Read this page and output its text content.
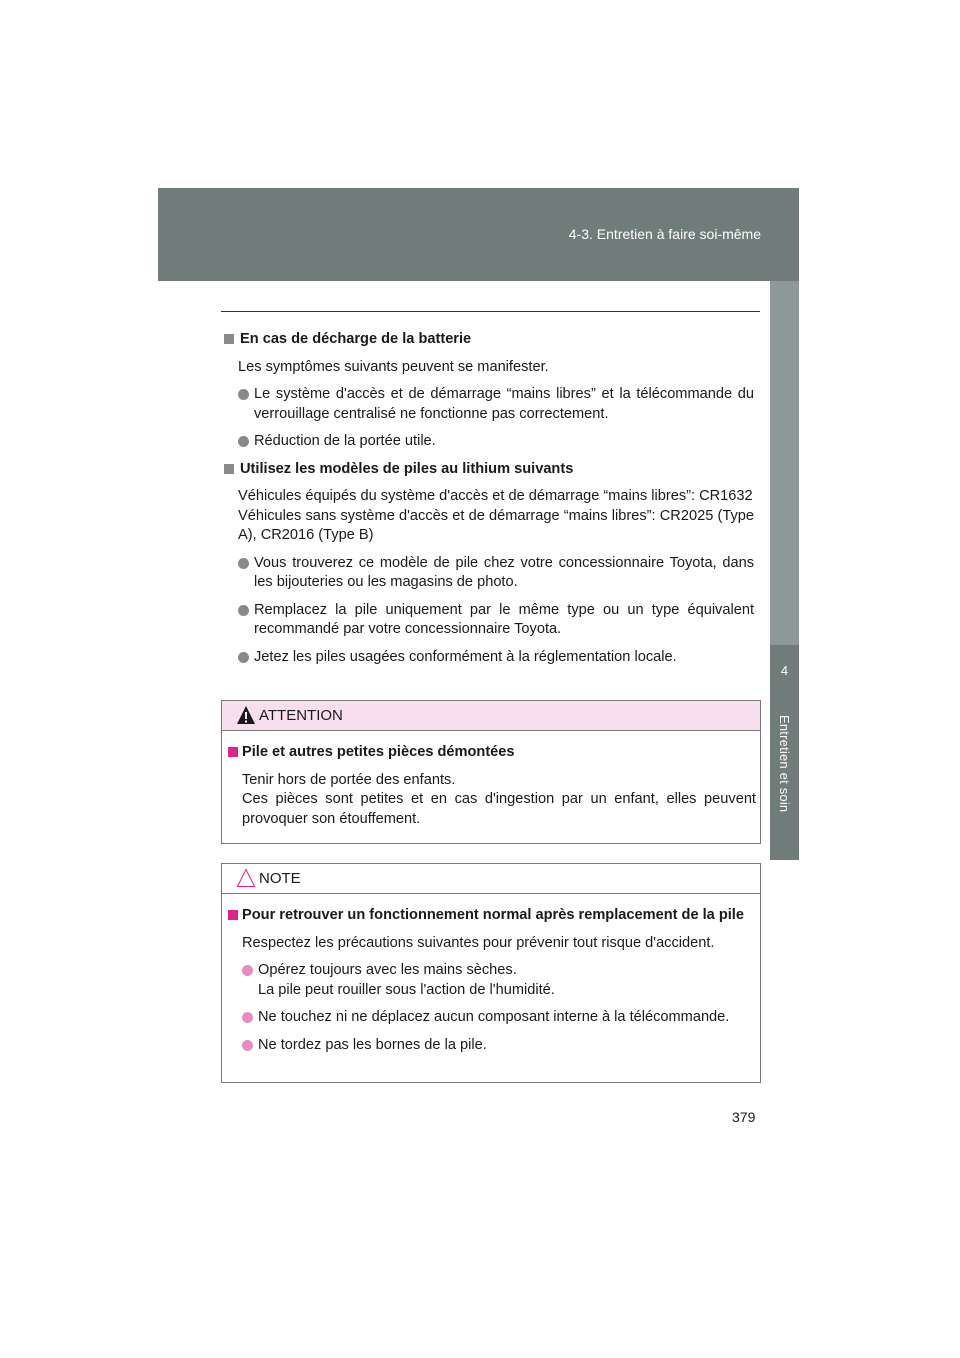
4-3. Entretien à faire soi-même
4
Entretien et soin
En cas de décharge de la batterie
Les symptômes suivants peuvent se manifester.
Le système d'accès et de démarrage “mains libres” et la télécommande du verrouillage centralisé ne fonctionne pas correctement.
Réduction de la portée utile.
Utilisez les modèles de piles au lithium suivants
Véhicules équipés du système d'accès et de démarrage “mains libres”: CR1632
Véhicules sans système d'accès et de démarrage “mains libres”: CR2025 (Type A), CR2016 (Type B)
Vous trouverez ce modèle de pile chez votre concessionnaire Toyota, dans les bijouteries ou les magasins de photo.
Remplacez la pile uniquement par le même type ou un type équivalent recommandé par votre concessionnaire Toyota.
Jetez les piles usagées conformément à la réglementation locale.
ATTENTION
Pile et autres petites pièces démontées
Tenir hors de portée des enfants.
Ces pièces sont petites et en cas d'ingestion par un enfant, elles peuvent provoquer son étouffement.
NOTE
Pour retrouver un fonctionnement normal après remplacement de la pile
Respectez les précautions suivantes pour prévenir tout risque d'accident.
Opérez toujours avec les mains sèches.
La pile peut rouiller sous l'action de l'humidité.
Ne touchez ni ne déplacez aucun composant interne à la télécommande.
Ne tordez pas les bornes de la pile.
379
